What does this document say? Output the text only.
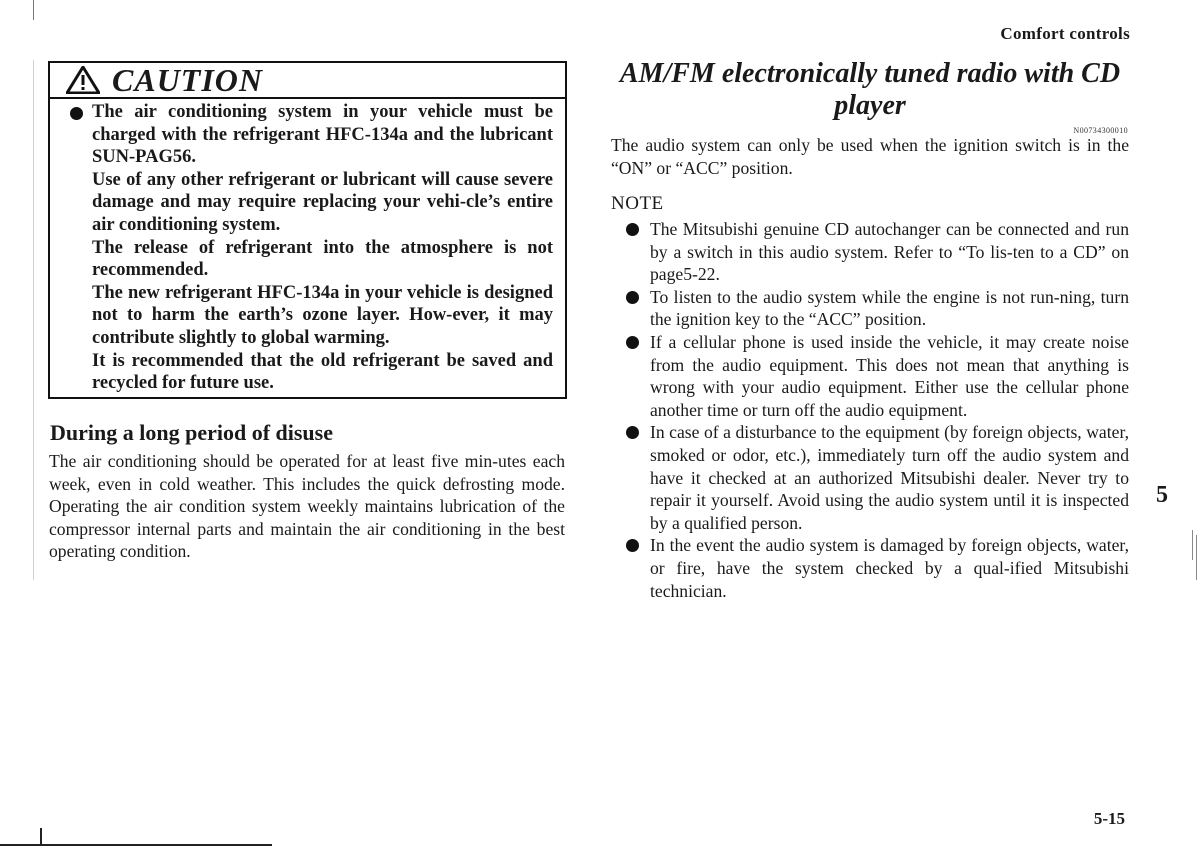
Comfort controls
CAUTION

The air conditioning system in your vehicle must be charged with the refrigerant HFC-134a and the lubricant SUN-PAG56.

Use of any other refrigerant or lubricant will cause severe damage and may require replacing your vehi-cle’s entire air conditioning system.

The release of refrigerant into the atmosphere is not recommended.

The new refrigerant HFC-134a in your vehicle is designed not to harm the earth’s ozone layer. How-ever, it may contribute slightly to global warming.

It is recommended that the old refrigerant be saved and recycled for future use.

During a long period of disuse

The air conditioning should be operated for at least five min-utes each week, even in cold weather. This includes the quick defrosting mode. Operating the air condition system weekly maintains lubrication of the compressor internal parts and maintain the air conditioning in the best operating condition.

AM/FM electronically tuned radio with CD player
N00734300010

The audio system can only be used when the ignition switch is in the “ON” or “ACC” position.

NOTE
The Mitsubishi genuine CD autochanger can be connected and run by a switch in this audio system. Refer to “To lis-ten to a CD” on page5-22.
To listen to the audio system while the engine is not run-ning, turn the ignition key to the “ACC” position.
If a cellular phone is used inside the vehicle, it may create noise from the audio equipment. This does not mean that anything is wrong with your audio equipment. Either use the cellular phone another time or turn off the audio equipment.
In case of a disturbance to the equipment (by foreign objects, water, smoked or odor, etc.), immediately turn off the audio system and have it checked at an authorized Mitsubishi dealer. Never try to repair it yourself. Avoid using the audio system until it is inspected by a qualified person.
In the event the audio system is damaged by foreign objects, water, or fire, have the system checked by a qual-ified Mitsubishi technician.
5
5-15
